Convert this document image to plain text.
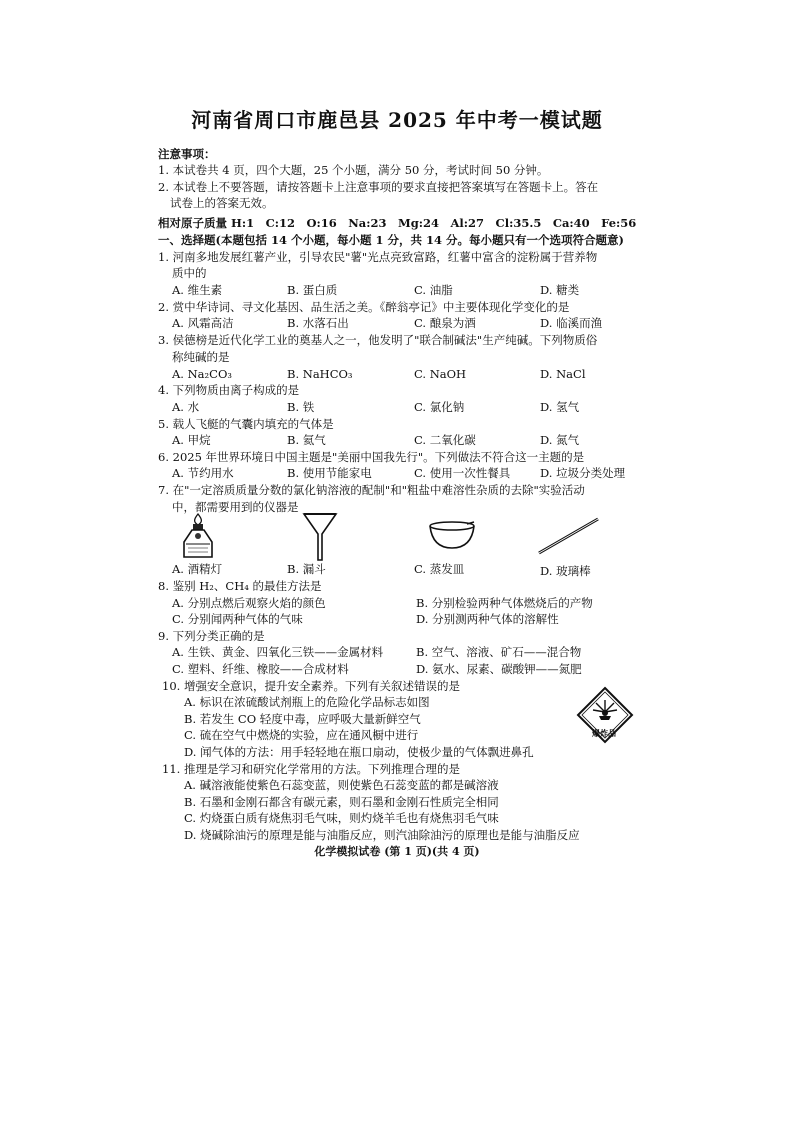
河南省周口市鹿邑县 2025 年中考一模试题
注意事项：
1. 本试卷共 4 页，四个大题，25 个小题，满分 50 分，考试时间 50 分钟。
2. 本试卷上不要答题，请按答题卡上注意事项的要求直接把答案填写在答题卡上。答在
试卷上的答案无效。
相对原子质量 H:1　C:12　O:16　Na:23　Mg:24　Al:27　Cl:35.5　Ca:40　Fe:56
一、选择题(本题包括 14 个小题，每小题 1 分，共 14 分。每小题只有一个选项符合题意)
1. 河南多地发展红薯产业，引导农民"薯"光点亮致富路，红薯中富含的淀粉属于营养物
质中的
A. 维生素	B. 蛋白质	C. 油脂	D. 糖类
2. 赏中华诗词、寻文化基因、品生活之美。《醉翁亭记》中主要体现化学变化的是
A. 风霜高洁	B. 水落石出	C. 酿泉为酒	D. 临溪而渔
3. 侯德榜是近代化学工业的奠基人之一，他发明了"联合制碱法"生产纯碱。下列物质俗
称纯碱的是
A. Na₂CO₃	B. NaHCO₃	C. NaOH	D. NaCl
4. 下列物质由离子构成的是
A. 水	B. 铁	C. 氯化钠	D. 氢气
5. 载人飞艇的气囊内填充的气体是
A. 甲烷	B. 氦气	C. 二氧化碳	D. 氮气
6. 2025 年世界环境日中国主题是"美丽中国我先行"。下列做法不符合这一主题的是
A. 节约用水	B. 使用节能家电	C. 使用一次性餐具	D. 垃圾分类处理
7. 在"一定溶质质量分数的氯化钠溶液的配制"和"粗盐中难溶性杂质的去除"实验活动
中，都需要用到的仪器是
A. 酒精灯	B. 漏斗	C. 蒸发皿	D. 玻璃棒
8. 鉴别 H₂、CH₄ 的最佳方法是
A. 分别点燃后观察火焰的颜色	B. 分别检验两种气体燃烧后的产物
C. 分别闻两种气体的气味	D. 分别测两种气体的溶解性
9. 下列分类正确的是
A. 生铁、黄金、四氧化三铁——金属材料	B. 空气、溶液、矿石——混合物
C. 塑料、纤维、橡胶——合成材料	D. 氨水、尿素、碳酸钾——氮肥
10. 增强安全意识，提升安全素养。下列有关叙述错误的是
A. 标识在浓硫酸试剂瓶上的危险化学品标志如图
B. 若发生 CO 轻度中毒，应呼吸大量新鲜空气
C. 硫在空气中燃烧的实验，应在通风橱中进行
D. 闻气体的方法：用手轻轻地在瓶口扇动，使极少量的气体飘进鼻孔
爆炸品
11. 推理是学习和研究化学常用的方法。下列推理合理的是
A. 碱溶液能使紫色石蕊变蓝，则使紫色石蕊变蓝的都是碱溶液
B. 石墨和金刚石都含有碳元素，则石墨和金刚石性质完全相同
C. 灼烧蛋白质有烧焦羽毛气味，则灼烧羊毛也有烧焦羽毛气味
D. 烧碱除油污的原理是能与油脂反应，则汽油除油污的原理也是能与油脂反应
化学模拟试卷 (第 1 页)(共 4 页)
